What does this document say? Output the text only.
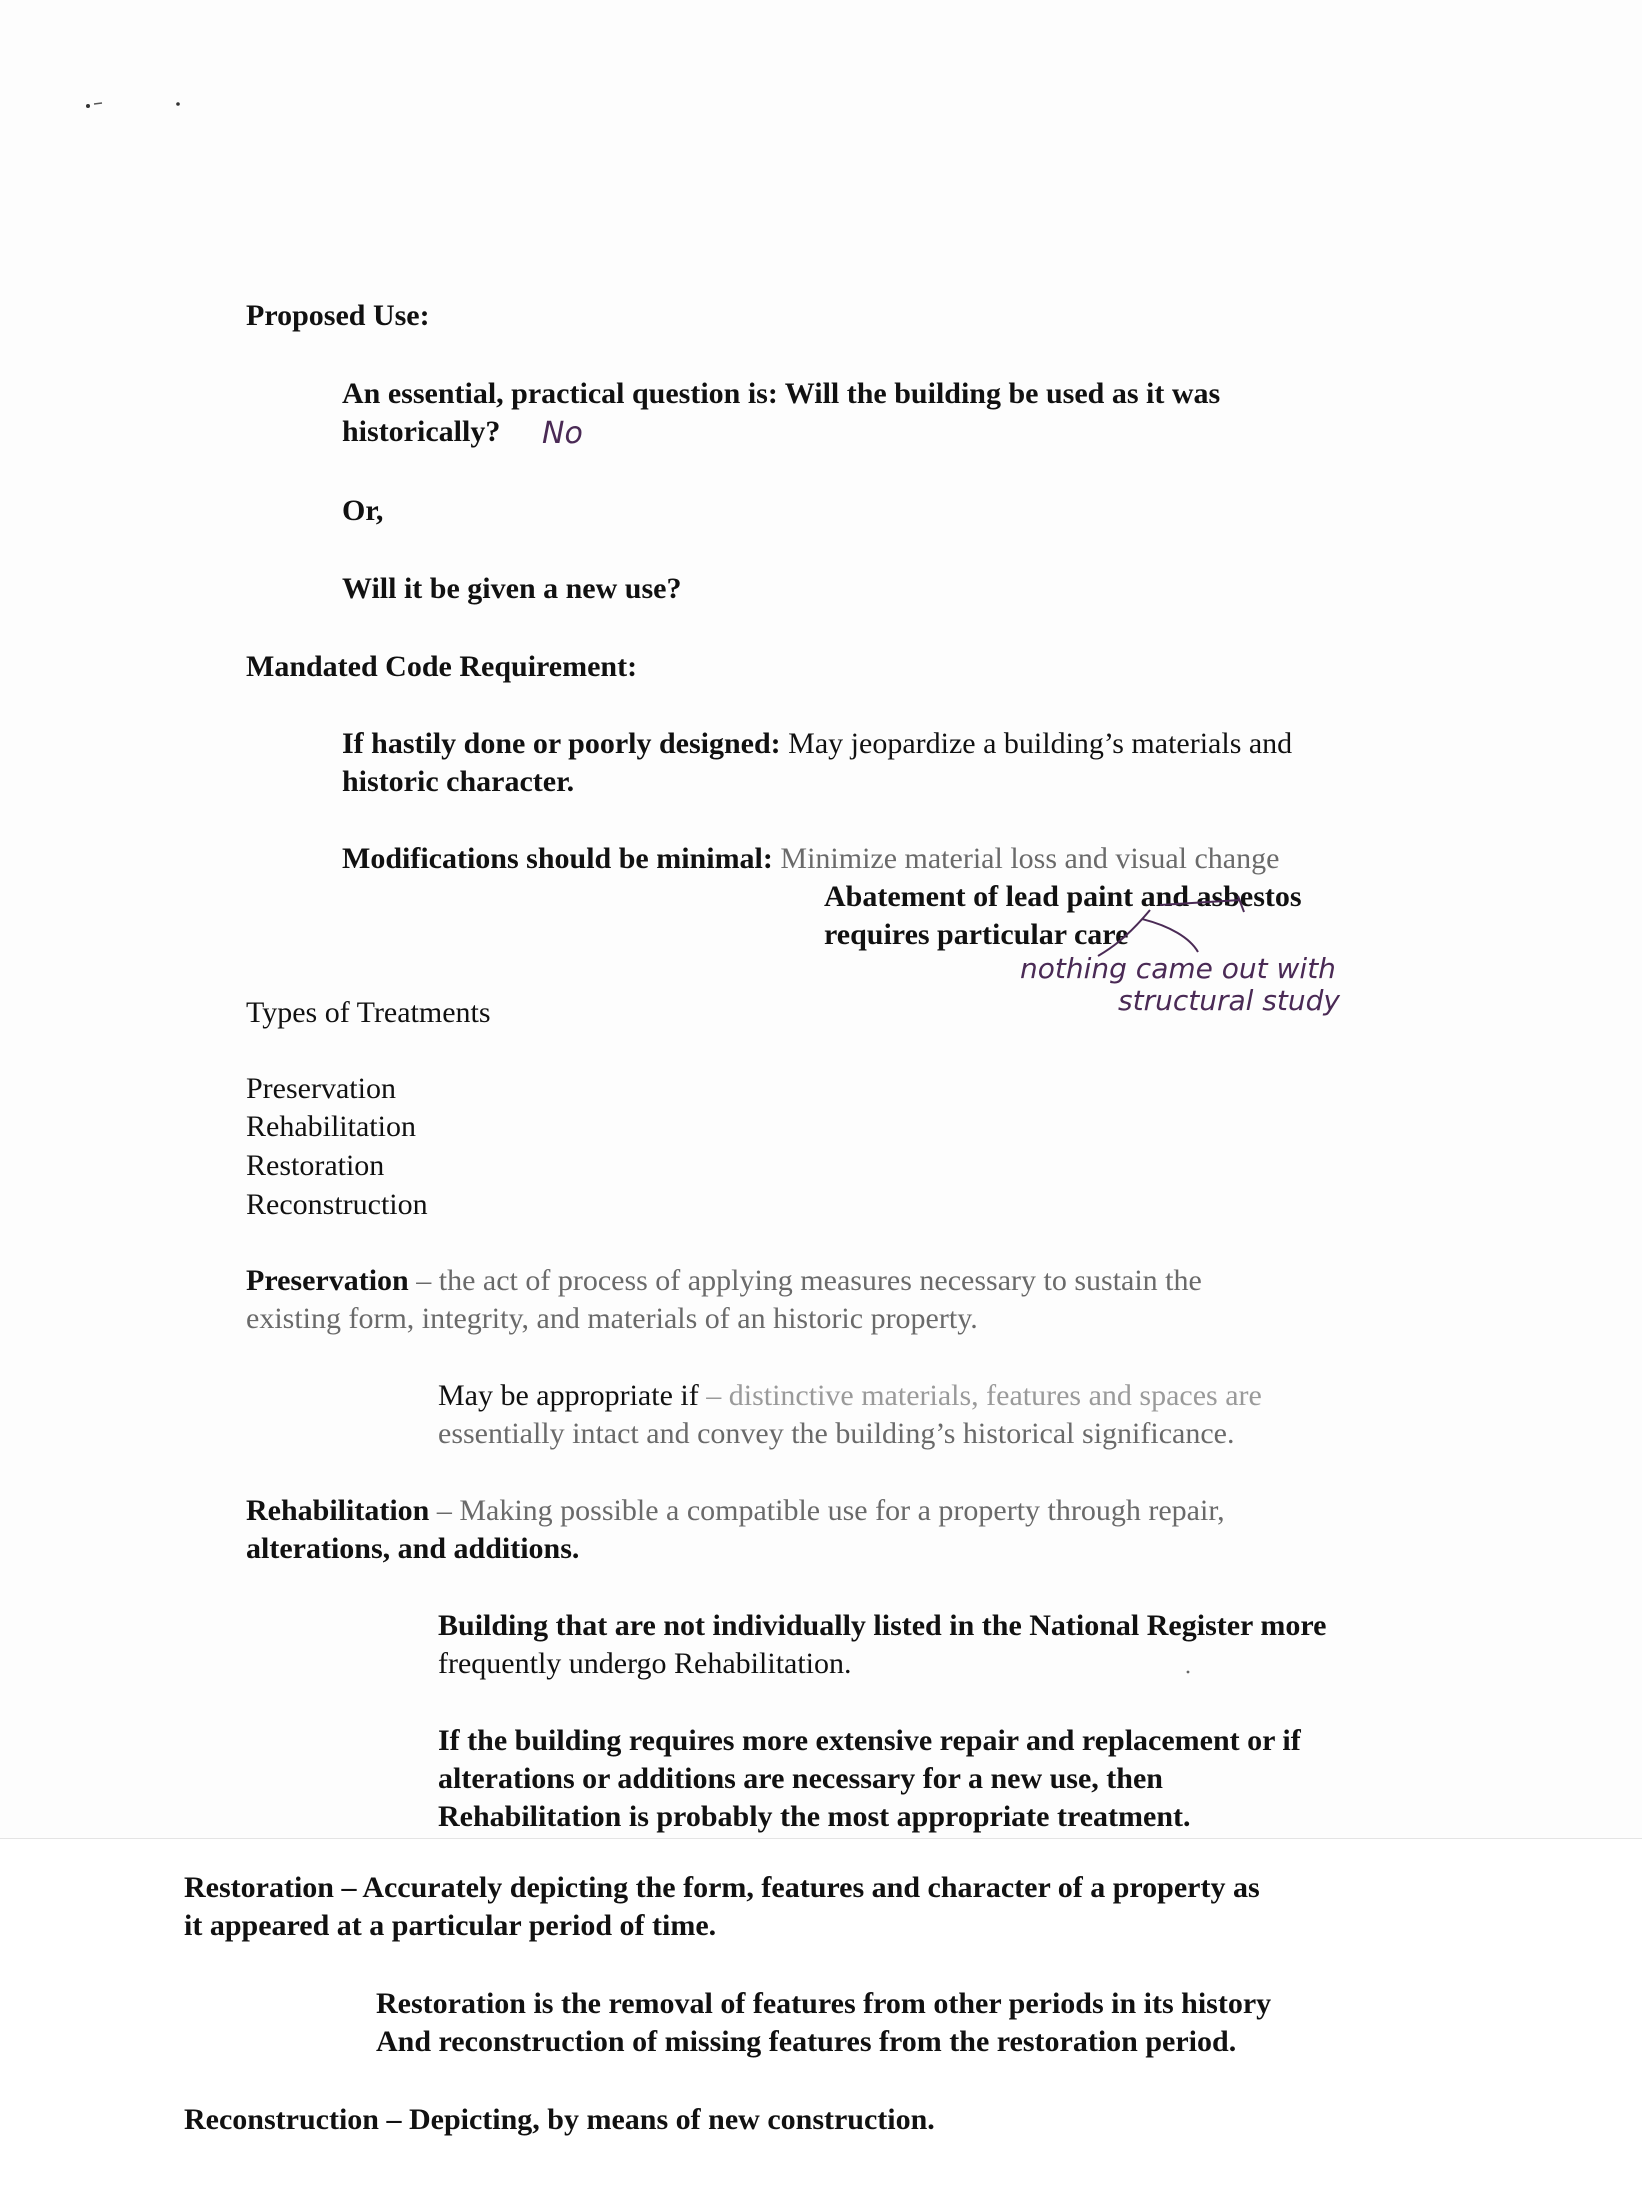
Proposed Use:
An essential, practical question is: Will the building be used as it was
historically? No
Or,
Will it be given a new use?
Mandated Code Requirement:
If hastily done or poorly designed: May jeopardize a building’s materials and
historic character.
Modifications should be minimal: Minimize material loss and visual change
Abatement of lead paint and asbestos
requires particular care
nothing came out with
structural study
Types of Treatments
Preservation
Rehabilitation
Restoration
Reconstruction
Preservation – the act of process of applying measures necessary to sustain the
existing form, integrity, and materials of an historic property.
May be appropriate if – distinctive materials, features and spaces are
essentially intact and convey the building’s historical significance.
Rehabilitation – Making possible a compatible use for a property through repair,
alterations, and additions.
Building that are not individually listed in the National Register more
frequently undergo Rehabilitation.
If the building requires more extensive repair and replacement or if
alterations or additions are necessary for a new use, then
Rehabilitation is probably the most appropriate treatment.
Restoration – Accurately depicting the form, features and character of a property as
it appeared at a particular period of time.
Restoration is the removal of features from other periods in its history
And reconstruction of missing features from the restoration period.
Reconstruction – Depicting, by means of new construction.
